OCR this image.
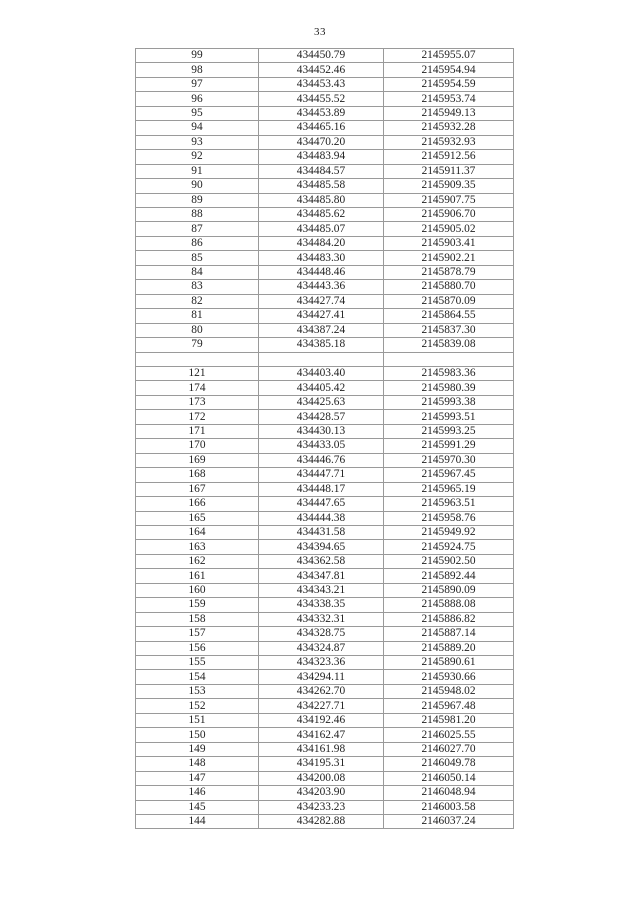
33
99	434450.79	2145955.07
98	434452.46	2145954.94
97	434453.43	2145954.59
96	434455.52	2145953.74
95	434453.89	2145949.13
94	434465.16	2145932.28
93	434470.20	2145932.93
92	434483.94	2145912.56
91	434484.57	2145911.37
90	434485.58	2145909.35
89	434485.80	2145907.75
88	434485.62	2145906.70
87	434485.07	2145905.02
86	434484.20	2145903.41
85	434483.30	2145902.21
84	434448.46	2145878.79
83	434443.36	2145880.70
82	434427.74	2145870.09
81	434427.41	2145864.55
80	434387.24	2145837.30
79	434385.18	2145839.08

121	434403.40	2145983.36
174	434405.42	2145980.39
173	434425.63	2145993.38
172	434428.57	2145993.51
171	434430.13	2145993.25
170	434433.05	2145991.29
169	434446.76	2145970.30
168	434447.71	2145967.45
167	434448.17	2145965.19
166	434447.65	2145963.51
165	434444.38	2145958.76
164	434431.58	2145949.92
163	434394.65	2145924.75
162	434362.58	2145902.50
161	434347.81	2145892.44
160	434343.21	2145890.09
159	434338.35	2145888.08
158	434332.31	2145886.82
157	434328.75	2145887.14
156	434324.87	2145889.20
155	434323.36	2145890.61
154	434294.11	2145930.66
153	434262.70	2145948.02
152	434227.71	2145967.48
151	434192.46	2145981.20
150	434162.47	2146025.55
149	434161.98	2146027.70
148	434195.31	2146049.78
147	434200.08	2146050.14
146	434203.90	2146048.94
145	434233.23	2146003.58
144	434282.88	2146037.24
